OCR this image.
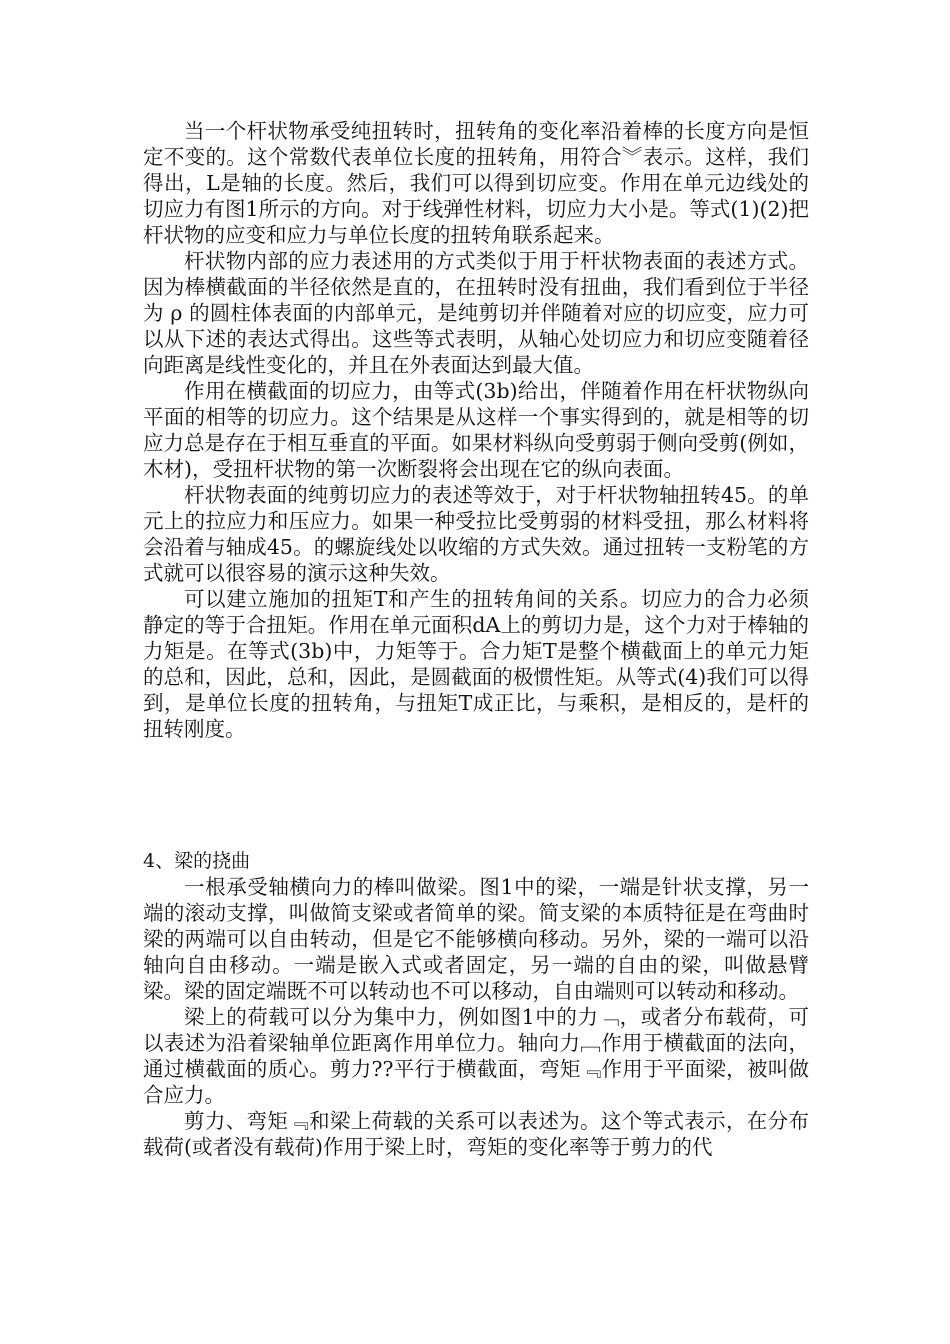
当一个杆状物承受纯扭转时，扭转角的变化率沿着棒的长度方向是恒定不变的。这个常数代表单位长度的扭转角，用符合︾表示。这样，我们得出，L是轴的长度。然后，我们可以得到切应变。作用在单元边线处的切应力有图1所示的方向。对于线弹性材料，切应力大小是。等式(1)(2)把杆状物的应变和应力与单位长度的扭转角联系起来。

杆状物内部的应力表述用的方式类似于用于杆状物表面的表述方式。因为棒横截面的半径依然是直的，在扭转时没有扭曲，我们看到位于半径为 ρ 的圆柱体表面的内部单元，是纯剪切并伴随着对应的切应变，应力可以从下述的表达式得出。这些等式表明，从轴心处切应力和切应变随着径向距离是线性变化的，并且在外表面达到最大值。

作用在横截面的切应力，由等式(3b)给出，伴随着作用在杆状物纵向平面的相等的切应力。这个结果是从这样一个事实得到的，就是相等的切应力总是存在于相互垂直的平面。如果材料纵向受剪弱于侧向受剪(例如，木材)，受扭杆状物的第一次断裂将会出现在它的纵向表面。

杆状物表面的纯剪切应力的表述等效于，对于杆状物轴扭转45。的单元上的拉应力和压应力。如果一种受拉比受剪弱的材料受扭，那么材料将会沿着与轴成45。的螺旋线处以收缩的方式失效。通过扭转一支粉笔的方式就可以很容易的演示这种失效。

可以建立施加的扭矩T和产生的扭转角间的关系。切应力的合力必须静定的等于合扭矩。作用在单元面积dA上的剪切力是，这个力对于棒轴的力矩是。在等式(3b)中，力矩等于。合力矩T是整个横截面上的单元力矩的总和，因此，总和，因此，是圆截面的极惯性矩。从等式(4)我们可以得到，是单位长度的扭转角，与扭矩T成正比，与乘积，是相反的，是杆的扭转刚度。

4、梁的挠曲

一根承受轴横向力的棒叫做梁。图1中的梁，一端是针状支撑，另一端的滚动支撑，叫做简支梁或者简单的梁。简支梁的本质特征是在弯曲时梁的两端可以自由转动，但是它不能够横向移动。另外，梁的一端可以沿轴向自由移动。一端是嵌入式或者固定，另一端的自由的梁，叫做悬臂梁。梁的固定端既不可以转动也不可以移动，自由端则可以转动和移动。

梁上的荷载可以分为集中力，例如图1中的力﹁，或者分布载荷，可以表述为沿着梁轴单位距离作用单位力。轴向力﹇作用于横截面的法向，通过横截面的质心。剪力??平行于横截面，弯矩﹃作用于平面梁，被叫做合应力。

剪力、弯矩﹃和梁上荷载的关系可以表述为。这个等式表示，在分布载荷(或者没有载荷)作用于梁上时，弯矩的变化率等于剪力的代
